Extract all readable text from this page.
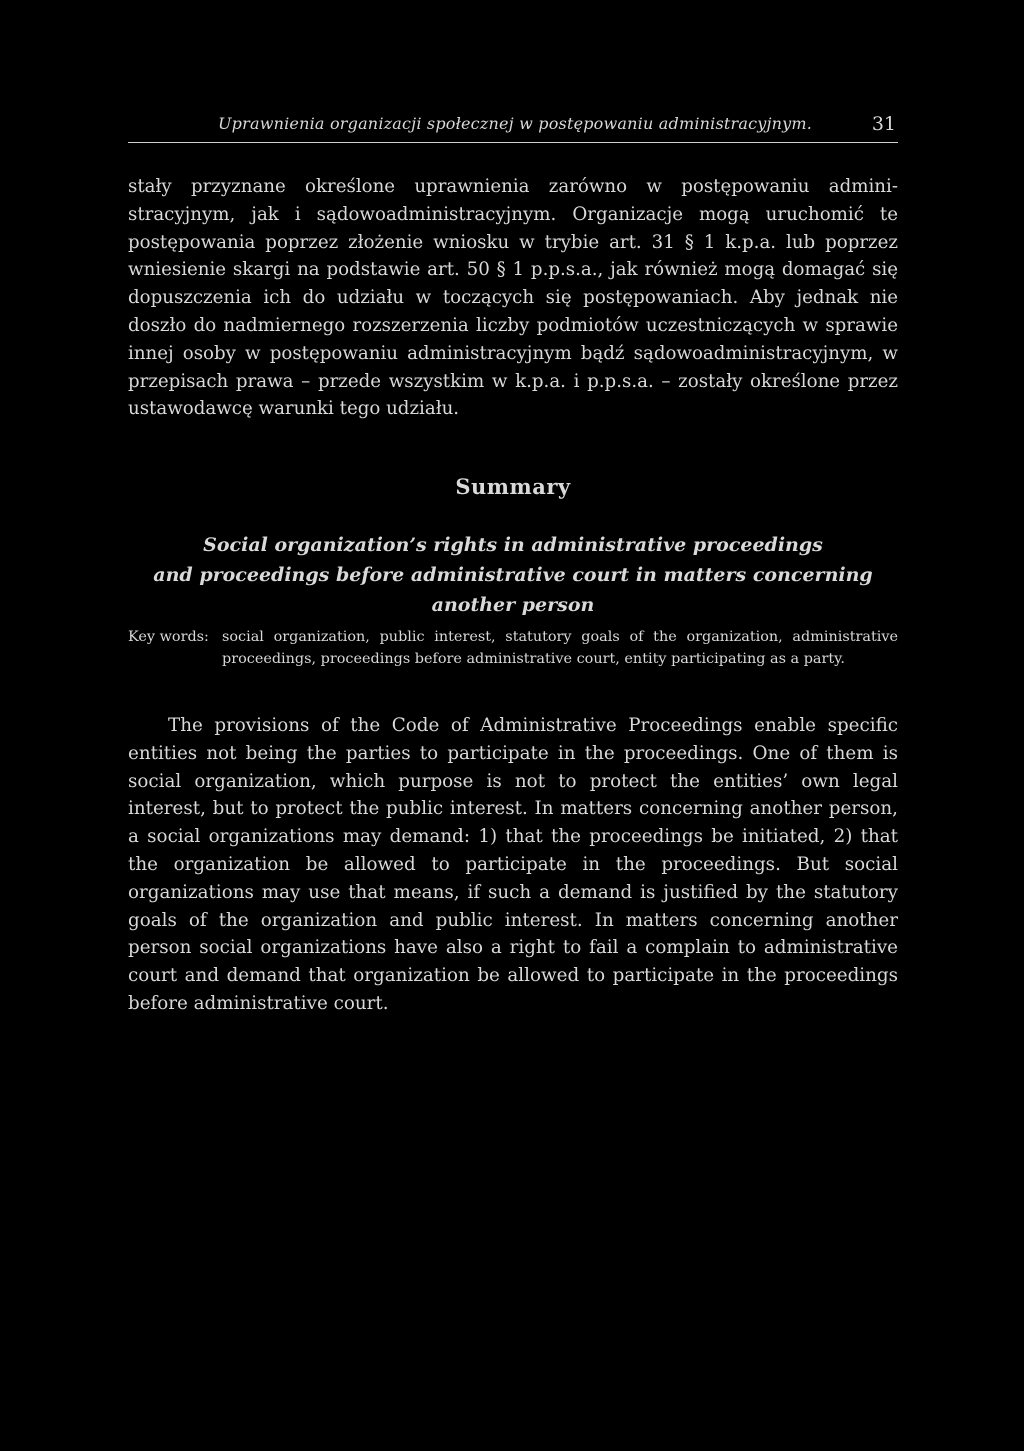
Uprawnienia organizacji społecznej w postępowaniu administracyjnym.	31

stały przyznane określone uprawnienia zarówno w postępowaniu administracyjnym, jak i sądowoadministracyjnym. Organizacje mogą uruchomić te postępowania poprzez złożenie wniosku w trybie art. 31 § 1 k.p.a. lub poprzez wniesienie skargi na podstawie art. 50 § 1 p.p.s.a., jak również mogą domagać się dopuszczenia ich do udziału w toczących się postępowaniach. Aby jednak nie doszło do nadmiernego rozszerzenia liczby podmiotów uczestniczących w sprawie innej osoby w postępowaniu administracyjnym bądź sądowoadministracyjnym, w przepisach prawa – przede wszystkim w k.p.a. i p.p.s.a. – zostały określone przez ustawodawcę warunki tego udziału.

Summary
Social organization’s rights in administrative proceedings
and proceedings before administrative court in matters concerning
another person
Key words: social organization, public interest, statutory goals of the organization, administrative proceedings, proceedings before administrative court, entity participating as a party.

The provisions of the Code of Administrative Proceedings enable specific entities not being the parties to participate in the proceedings. One of them is social organization, which purpose is not to protect the entities’ own legal interest, but to protect the public interest. In matters concerning another person, a social organizations may demand: 1) that the proceedings be initiated, 2) that the organization be allowed to participate in the proceedings. But social organizations may use that means, if such a demand is justified by the statutory goals of the organization and public interest. In matters concerning another person social organizations have also a right to fail a complain to administrative court and demand that organization be allowed to participate in the proceedings before administrative court.
